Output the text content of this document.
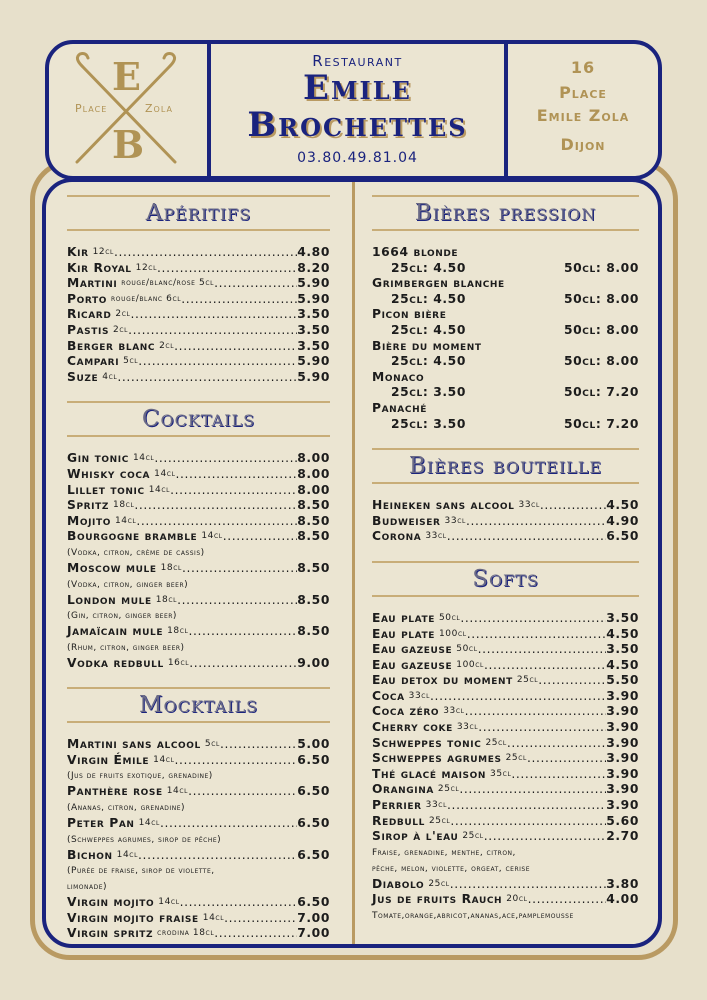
E
B
Place	Zola
Restaurant
Emile
Brochettes
03.80.49.81.04
16
Place
Emile Zola
Dijon
Apéritifs
Kir 12cl .....	4.80
Kir Royal 12cl .....	8.20
Martini rouge/blanc/rose 5cl .....	5.90
Porto rouge/blanc 6cl .....	5.90
Ricard 2cl .....	3.50
Pastis 2cl .....	3.50
Berger blanc 2cl .....	3.50
Campari 5cl .....	5.90
Suze 4cl .....	5.90
Cocktails
Gin tonic 14cl .....	8.00
Whisky coca 14cl .....	8.00
Lillet tonic 14cl .....	8.00
Spritz 18cl .....	8.50
Mojito 14cl .....	8.50
Bourgogne bramble 14cl .....	8.50
(Vodka, citron, crème de cassis)
Moscow mule 18cl .....	8.50
(Vodka, citron, ginger beer)
London mule 18cl .....	8.50
(Gin, citron, ginger beer)
Jamaïcain mule 18cl .....	8.50
(Rhum, citron, ginger beer)
Vodka redbull 16cl .....	9.00
Mocktails
Martini sans alcool 5cl .....	5.00
Virgin Émile 14cl .....	6.50
(Jus de fruits exotique, grenadine)
Panthère rose 14cl .....	6.50
(Ananas, citron, grenadine)
Peter Pan 14cl .....	6.50
(Schweppes agrumes, sirop de pêche)
Bichon 14cl .....	6.50
(Purée de fraise, sirop de violette,
limonade)
Virgin mojito 14cl .....	6.50
Virgin mojito fraise 14cl .....	7.00
Virgin spritz crodina 18cl .....	7.00
Bières pression
1664 blonde
25cl: 4.50	50cl: 8.00
Grimbergen blanche
25cl: 4.50	50cl: 8.00
Picon bière
25cl: 4.50	50cl: 8.00
Bière du moment
25cl: 4.50	50cl: 8.00
Monaco
25cl: 3.50	50cl: 7.20
Panaché
25cl: 3.50	50cl: 7.20
Bières bouteille
Heineken sans alcool 33cl .....	4.50
Budweiser 33cl .....	4.90
Corona 33cl .....	6.50
Softs
Eau plate 50cl .....	3.50
Eau plate 100cl .....	4.50
Eau gazeuse 50cl .....	3.50
Eau gazeuse 100cl .....	4.50
Eau detox du moment 25cl .....	5.50
Coca 33cl .....	3.90
Coca zéro 33cl .....	3.90
Cherry coke 33cl .....	3.90
Schweppes tonic 25cl .....	3.90
Schweppes agrumes 25cl .....	3.90
Thé glacé maison 35cl .....	3.90
Orangina 25cl .....	3.90
Perrier 33cl .....	3.90
Redbull 25cl .....	5.60
Sirop à l'eau 25cl .....	2.70
Fraise, grenadine, menthe, citron,
pêche, melon, violette, orgeat, cerise
Diabolo 25cl .....	3.80
Jus de fruits Rauch 20cl .....	4.00
Tomate,orange,abricot,ananas,ace,pamplemousse
